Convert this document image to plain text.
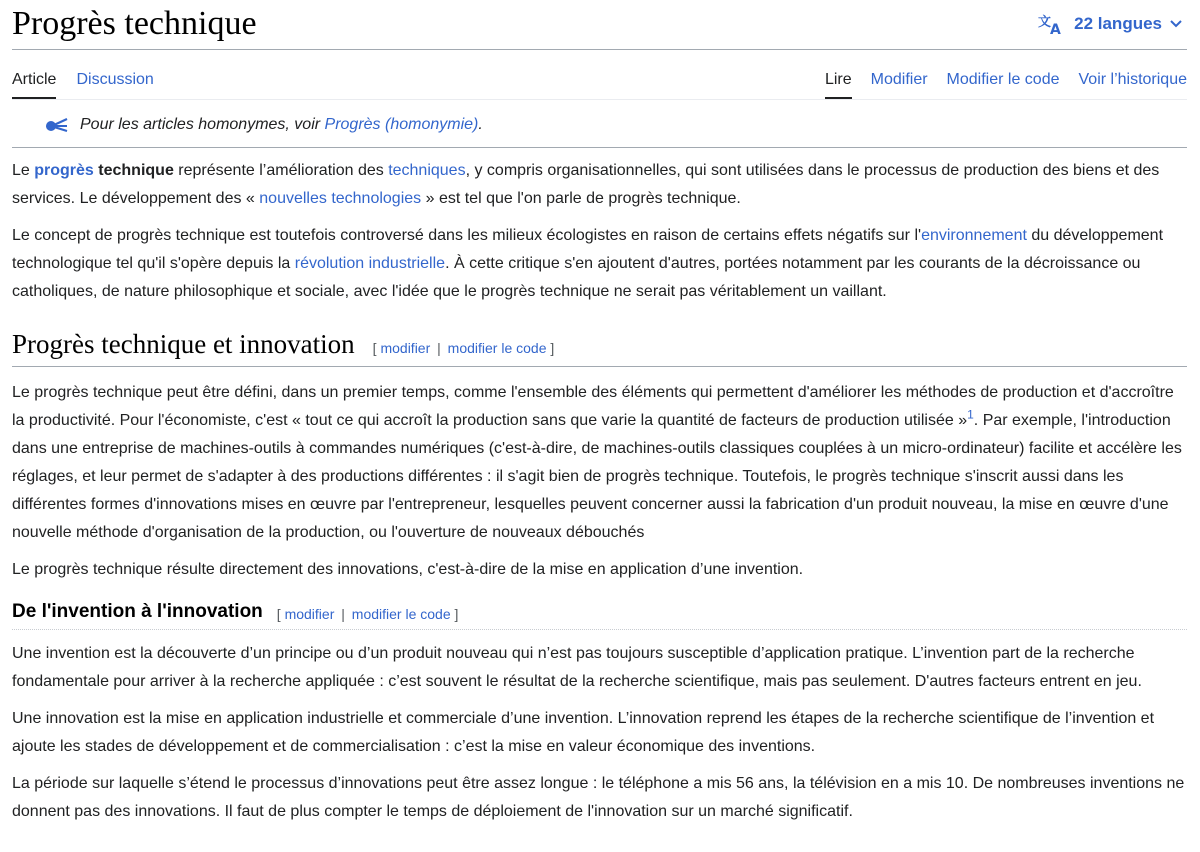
Progrès technique	文
A 22 langues
Article Discussion	Lire Modifier Modifier le code Voir l’historique
Pour les articles homonymes, voir Progrès (homonymie).

Le progrès technique représente l’amélioration des techniques, y compris organisationnelles, qui sont utilisées dans le processus de production des biens et des services. Le développement des « nouvelles technologies » est tel que l'on parle de progrès technique.

Le concept de progrès technique est toutefois controversé dans les milieux écologistes en raison de certains effets négatifs sur l'environnement du développement technologique tel qu'il s'opère depuis la révolution industrielle. À cette critique s'en ajoutent d'autres, portées notamment par les courants de la décroissance ou catholiques, de nature philosophique et sociale, avec l'idée que le progrès technique ne serait pas véritablement un vaillant.

Progrès technique et innovation [ modifier | modifier le code ]

Le progrès technique peut être défini, dans un premier temps, comme l'ensemble des éléments qui permettent d'améliorer les méthodes de production et d'accroître la productivité. Pour l'économiste, c'est « tout ce qui accroît la production sans que varie la quantité de facteurs de production utilisée »$^1$. Par exemple, l'introduction dans une entreprise de machines-outils à commandes numériques (c'est-à-dire, de machines-outils classiques couplées à un micro-ordinateur) facilite et accélère les réglages, et leur permet de s'adapter à des productions différentes : il s'agit bien de progrès technique. Toutefois, le progrès technique s'inscrit aussi dans les différentes formes d'innovations mises en œuvre par l'entrepreneur, lesquelles peuvent concerner aussi la fabrication d'un produit nouveau, la mise en œuvre d'une nouvelle méthode d'organisation de la production, ou l'ouverture de nouveaux débouchés

Le progrès technique résulte directement des innovations, c'est-à-dire de la mise en application d’une invention.

De l'invention à l'innovation [ modifier | modifier le code ]

Une invention est la découverte d’un principe ou d’un produit nouveau qui n’est pas toujours susceptible d’application pratique. L’invention part de la recherche fondamentale pour arriver à la recherche appliquée : c’est souvent le résultat de la recherche scientifique, mais pas seulement. D'autres facteurs entrent en jeu.

Une innovation est la mise en application industrielle et commerciale d’une invention. L’innovation reprend les étapes de la recherche scientifique de l’invention et ajoute les stades de développement et de commercialisation : c’est la mise en valeur économique des inventions.

La période sur laquelle s’étend le processus d’innovations peut être assez longue : le téléphone a mis 56 ans, la télévision en a mis 10. De nombreuses inventions ne donnent pas des innovations. Il faut de plus compter le temps de déploiement de l'innovation sur un marché significatif.
